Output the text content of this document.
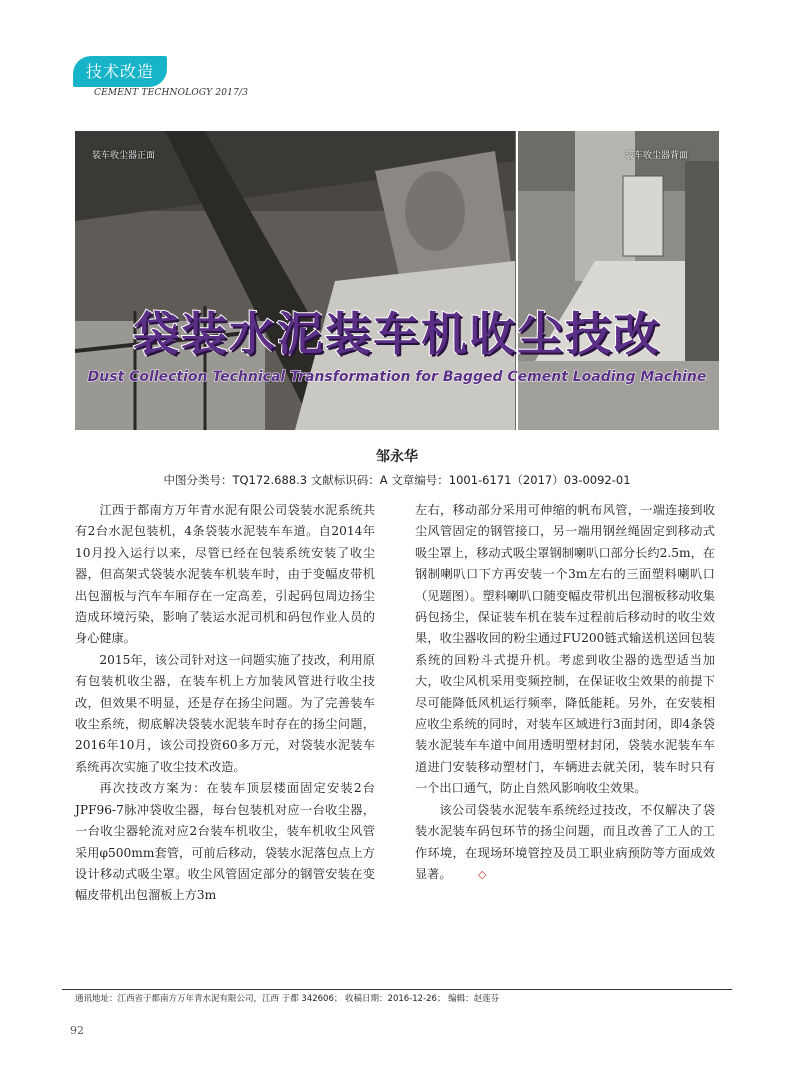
技术改造
CEMENT TECHNOLOGY 2017/3
装车收尘器正面	装车收尘器背面
袋装水泥装车机收尘技改
Dust Collection Technical Transformation for Bagged Cement Loading Machine
邹永华
中图分类号：TQ172.688.3 文献标识码：A 文章编号：1001-6171（2017）03-0092-01

江西于都南方万年青水泥有限公司袋装水泥系统共有2台水泥包装机，4条袋装水泥装车车道。自2014年10月投入运行以来，尽管已经在包装系统安装了收尘器，但高架式袋装水泥装车机装车时，由于变幅皮带机出包溜板与汽车车厢存在一定高差，引起码包周边扬尘造成环境污染，影响了装运水泥司机和码包作业人员的身心健康。

2015年，该公司针对这一问题实施了技改，利用原有包装机收尘器，在装车机上方加装风管进行收尘技改，但效果不明显，还是存在扬尘问题。为了完善装车收尘系统，彻底解决袋装水泥装车时存在的扬尘问题，2016年10月，该公司投资60多万元，对袋装水泥装车系统再次实施了收尘技术改造。

再次技改方案为：在装车顶层楼面固定安装2台JPF96-7脉冲袋收尘器，每台包装机对应一台收尘器，一台收尘器轮流对应2台装车机收尘，装车机收尘风管采用φ500mm套管，可前后移动，袋装水泥落包点上方设计移动式吸尘罩。收尘风管固定部分的钢管安装在变幅皮带机出包溜板上方3m

左右，移动部分采用可伸缩的帆布风管，一端连接到收尘风管固定的钢管接口，另一端用钢丝绳固定到移动式吸尘罩上，移动式吸尘罩钢制喇叭口部分长约2.5m，在钢制喇叭口下方再安装一个3m左右的三面塑料喇叭口（见题图）。塑料喇叭口随变幅皮带机出包溜板移动收集码包扬尘，保证装车机在装车过程前后移动时的收尘效果，收尘器收回的粉尘通过FU200链式输送机送回包装系统的回粉斗式提升机。考虑到收尘器的选型适当加大，收尘风机采用变频控制，在保证收尘效果的前提下尽可能降低风机运行频率，降低能耗。另外，在安装相应收尘系统的同时，对装车区域进行3面封闭，即4条袋装水泥装车车道中间用透明塑材封闭，袋装水泥装车车道进门安装移动塑材门，车辆进去就关闭，装车时只有一个出口通气，防止自然风影响收尘效果。

该公司袋装水泥装车系统经过技改，不仅解决了袋装水泥装车码包环节的扬尘问题，而且改善了工人的工作环境，在现场环境管控及员工职业病预防等方面成效显著。 ◇

通讯地址：江西省于都南方万年青水泥有限公司，江西 于都 342606； 收稿日期：2016-12-26； 编辑：赵莲芬
92
